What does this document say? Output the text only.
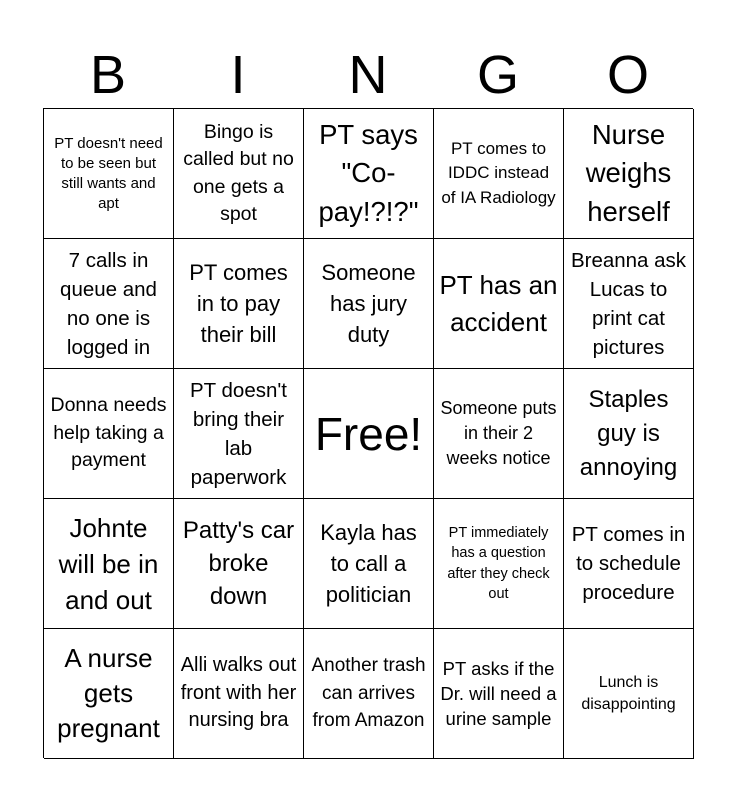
B	I	N	G	O
PT doesn't need to be seen but still wants and apt
Bingo is called but no one gets a spot
PT says "Co-pay!?!?"
PT comes to IDDC instead of IA Radiology
Nurse weighs herself
7 calls in queue and no one is logged in
PT comes in to pay their bill
Someone has jury duty
PT has an accident
Breanna ask Lucas to print cat pictures
Donna needs help taking a payment
PT doesn't bring their lab paperwork
Free! Someone puts in their 2 weeks notice
Staples guy is annoying
Johnte will be in and out
Patty's car broke down
Kayla has to call a politician
PT immediately has a question after they check out
PT comes in to schedule procedure
A nurse gets pregnant
Alli walks out front with her nursing bra
Another trash can arrives from Amazon
PT asks if the Dr. will need a urine sample
Lunch is disappointing
